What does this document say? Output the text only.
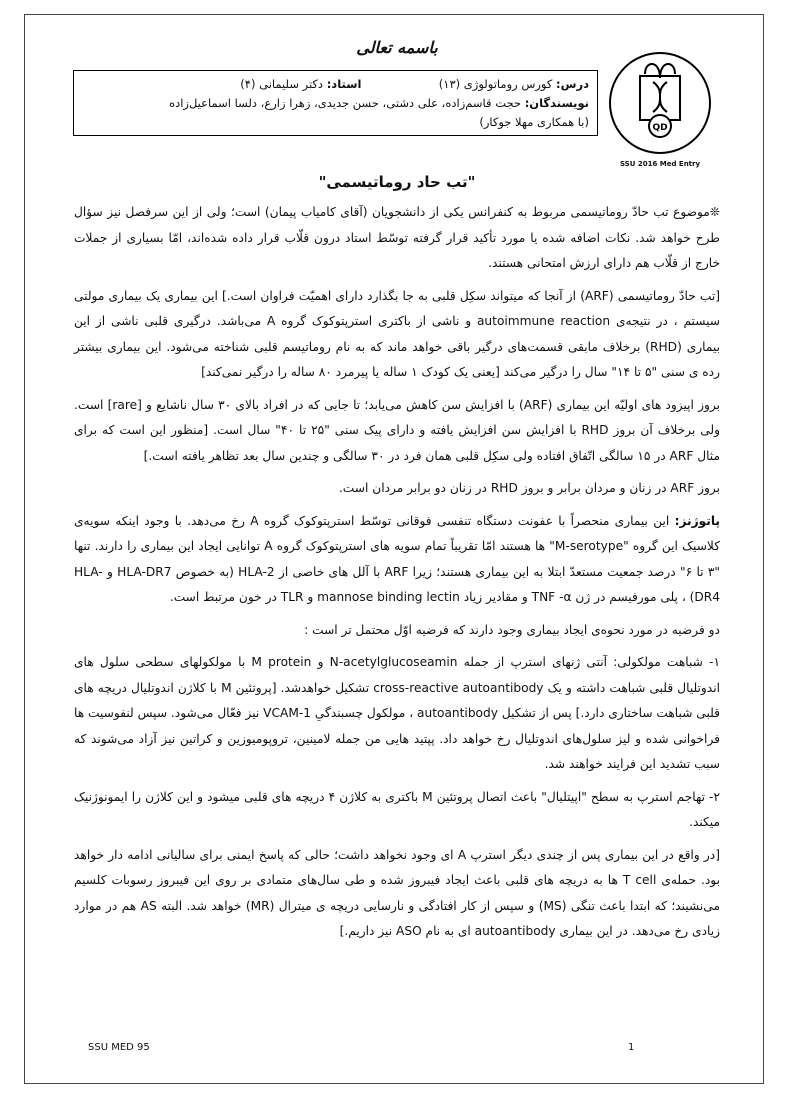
باسمه تعالی
QD
SSU 2016 Med Entry
درس: کورس روماتولوژی (۱۳)  استاد: دکتر سلیمانی (۴)
نویسندگان: حجت قاسم‌زاده، علی دشتی، حسن جدیدی، زهرا زارع، دلسا اسماعیل‌زاده
(با همکاری مهلا جوکار)
"تب حاد روماتیسمی"

❊موضوع تب حادّ روماتیسمی مربوط به کنفرانس یکی از دانشجویان (آقای کامیاب پیمان) است؛ ولی از این سرفصل نیز سؤال طرح خواهد شد. نکات اضافه شده یا مورد تأکید قرار گرفته توسّط استاد درون قلّاب قرار داده شده‌اند، امّا بسیاری از جملات خارج از قلّاب هم دارای ارزش امتحانی هستند.

[تب حادّ روماتیسمی (ARF) از آنجا که میتواند سکِل قلبی به جا بگذارد دارای اهمیّت فراوان است.] این بیماری یک بیماری مولتی سیستم ، در نتیجه‌ی autoimmune reaction و ناشی از باکتری استرپتوکوک گروه A می‌باشد. درگیری قلبی ناشی از این بیماری (RHD) برخلاف مابقی قسمت‌های درگیر باقی خواهد ماند که به نام روماتیسم قلبی شناخته می‌شود. این بیماری بیشتر رده ی سنی "۵ تا ۱۴" سال را درگیر می‌کند [یعنی یک کودک ۱ ساله یا پیرمرد ۸۰ ساله را درگیر نمی‌کند]

بروز اپیزود های اولیّه این بیماری (ARF) با افزایش سن کاهش می‌یابد؛ تا جایی که در افراد بالای ۳۰ سال ناشایع و [rare] است. ولی برخلاف آن بروز RHD با افزایش سن افزایش یافته و دارای پیک سنی "۲۵ تا ۴۰" سال است. [منظور این است که برای مثال ARF در ۱۵ سالگی اتّفاق افتاده ولی سکِل قلبی همان فرد در ۳۰ سالگی و چندین سال بعد تظاهر یافته است.]

بروز ARF در زنان و مردان برابر و بروز RHD در زنان دو برابر مردان است.

پاتوژنز: این بیماری منحصراً با عفونت دستگاه تنفسی فوقانی توسّط استرپتوکوک گروه A رخ می‌دهد. با وجود اینکه سویه‌ی کلاسیک این گروه "M-serotype" ها هستند امّا تقریباً تمام سویه های استرپتوکوک گروه A توانایی ایجاد این بیماری را دارند. تنها "۳ تا ۶" درصد جمعیت مستعدّ ابتلا به این بیماری هستند؛ زیرا ARF با آلل های خاصی از HLA-2 (به خصوص HLA-DR7 و HLA-DR4) ، پلی مورفیسم در ژن TNF -α و مقادیر زیاد mannose binding lectin و TLR در خون مرتبط است.

دو فرضیه در مورد نحوه‌ی ایجاد بیماری وجود دارند که فرضیه اوّل محتمل تر است :

۱- شباهت مولکولی: آنتی ژنهای استرپ از جمله N-acetylglucoseamin و M protein با مولکولهای سطحی سلول های اندوتلیال قلبی شباهت داشته و یک cross-reactive autoantibody تشکیل خواهدشد. [پروتئین M با کلاژن اندوتلیال دریچه های قلبی شباهت ساختاری دارد.] پس از تشکیل autoantibody ، مولکول چسبندگیِ VCAM-1 نیز فعّال می‌شود. سپس لنفوسیت ها فراخوانی شده و لیز سلول‌های اندوتلیال رخ خواهد داد. پپتید هایی من جمله لامینین، تروپومیوزین و کراتین نیز آزاد می‌شوند که سبب تشدید این فرایند خواهند شد.

۲- تهاجم استرپ به سطح "اپیتلیال" باعث اتصال پروتئین M باکتری به کلاژن ۴ دریچه های قلبی میشود و این کلاژن را ایمونوژنیک میکند.

[در واقع در این بیماری پس از چندی دیگر استرپ A ای وجود نخواهد داشت؛ حالی که پاسخ ایمنی برای سالیانی ادامه دار خواهد بود. حمله‌ی T cell ها به دریچه های قلبی باعث ایجاد فیبروز شده و طی سال‌های متمادی بر روی این فیبروز رسوبات کلسیم می‌نشیند؛ که ابتدا باعث تنگی (MS) و سپس از کار افتادگی و نارسایی دریچه ی میترال (MR) خواهد شد. البته AS هم در موارد زیادی رخ می‌دهد. در این بیماری autoantibody ای به نام ASO نیز داریم.]

SSU MED 95	1
